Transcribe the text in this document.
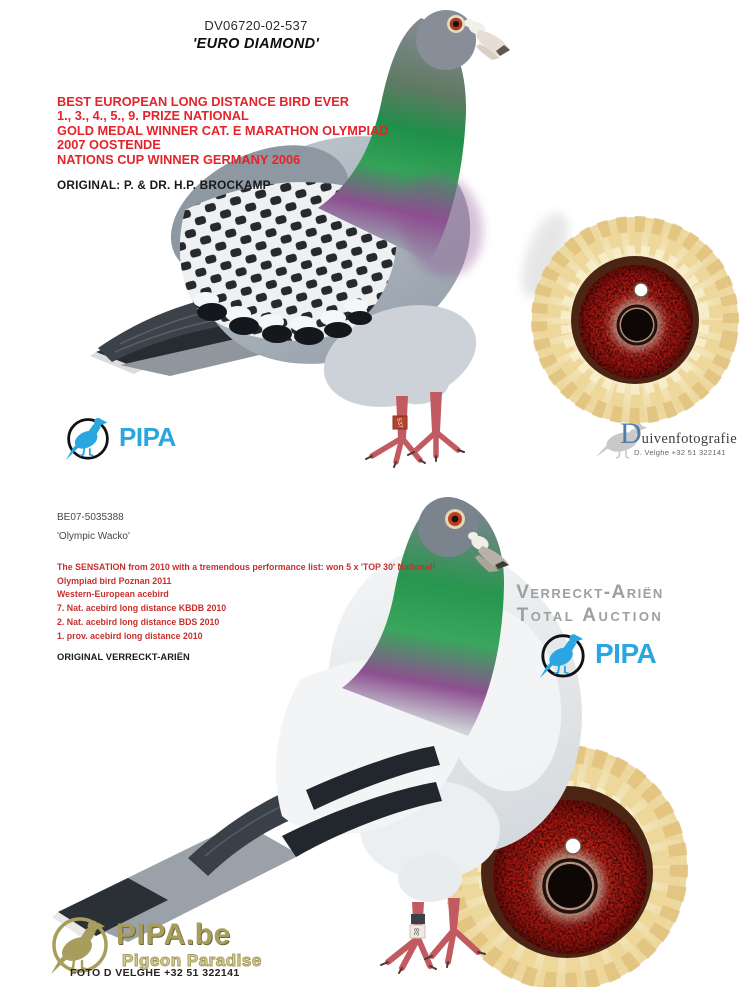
537
38
DV06720-02-537
'EURO DIAMOND'
BEST EUROPEAN LONG DISTANCE BIRD EVER
1., 3., 4., 5., 9. PRIZE NATIONAL
GOLD MEDAL WINNER CAT. E MARATHON OLYMPIAD
2007 OOSTENDE
NATIONS CUP WINNER GERMANY 2006
ORIGINAL: P. & DR. H.P. BROCKAMP
PIPA	Duivenfotografie
D. Velghe +32 51 322141
BE07-5035388
'Olympic Wacko'
The SENSATION from 2010 with a tremendous performance list: won 5 x 'TOP 30' National!
Olympiad bird Poznan 2011
Western-European acebird
7. Nat. acebird long distance KBDB 2010
2. Nat. acebird long distance BDS 2010
1. prov. acebird long distance 2010
ORIGINAL VERRECKT-ARIËN
Verreckt-Ariën
Total Auction
PIPA
PIPA.be
Pigeon Paradise
FOTO D VELGHE +32 51 322141
